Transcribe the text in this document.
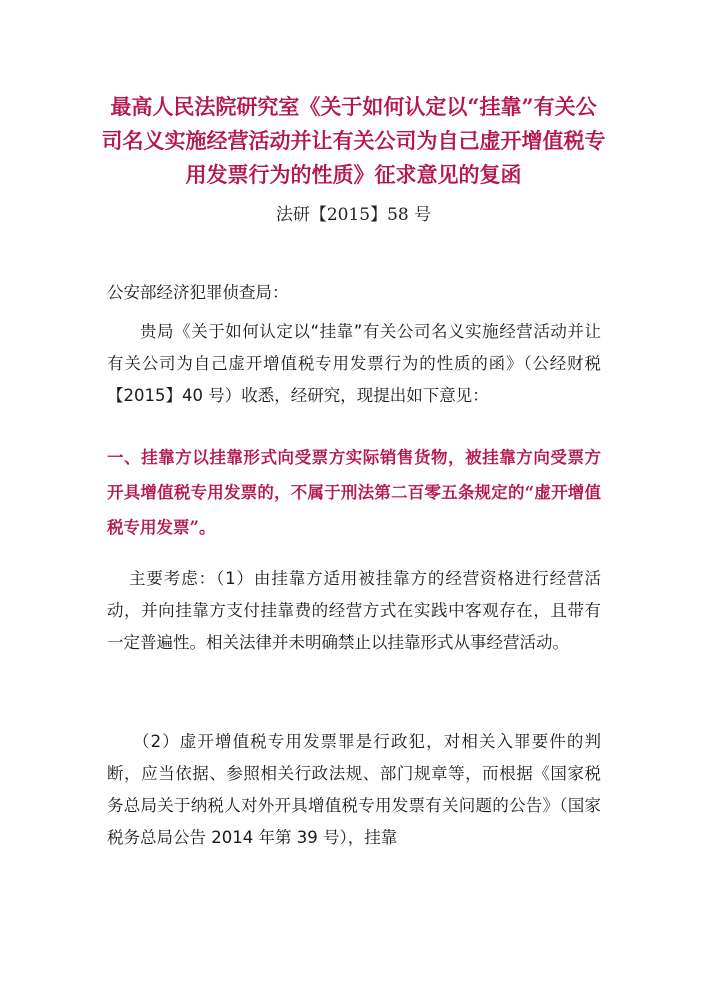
最高人民法院研究室《关于如何认定以“挂靠”有关公司名义实施经营活动并让有关公司为自己虚开增值税专用发票行为的性质》征求意见的复函

法研【2015】58 号

公安部经济犯罪侦查局：

贵局《关于如何认定以“挂靠”有关公司名义实施经营活动并让有关公司为自己虚开增值税专用发票行为的性质的函》（公经财税【2015】40 号）收悉，经研究，现提出如下意见：

一、挂靠方以挂靠形式向受票方实际销售货物，被挂靠方向受票方开具增值税专用发票的，不属于刑法第二百零五条规定的“虚开增值税专用发票”。

主要考虑：（1）由挂靠方适用被挂靠方的经营资格进行经营活动，并向挂靠方支付挂靠费的经营方式在实践中客观存在，且带有一定普遍性。相关法律并未明确禁止以挂靠形式从事经营活动。

（2）虚开增值税专用发票罪是行政犯，对相关入罪要件的判断，应当依据、参照相关行政法规、部门规章等，而根据《国家税务总局关于纳税人对外开具增值税专用发票有关问题的公告》（国家税务总局公告 2014 年第 39 号），挂靠
